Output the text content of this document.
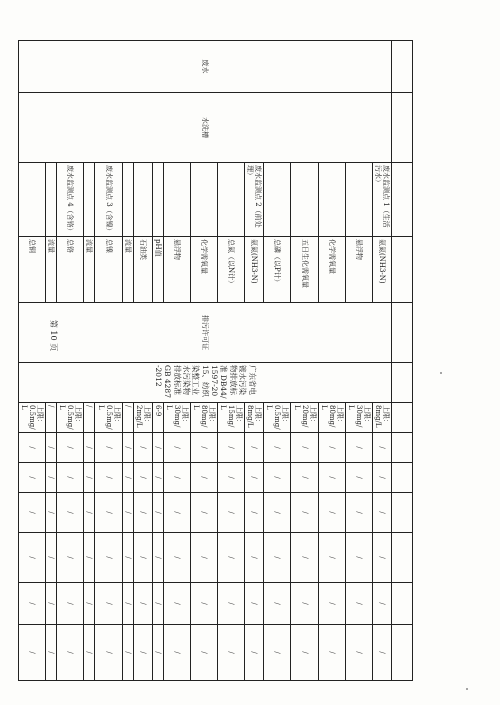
废水	水洗槽	废水监测点 1（生活污水）	氨氮(NH3-N)	排污许可证	广东省电镀水污染物排放标准 DB44/1597-2015、纺织染整工业水污染物排放标准 GB 4287-2012	上限：8mg/L	/	/	/	/	/	/
			悬浮物			上限：30mg/L	/	/	/	/	/	/
			化学需氧量			上限：80mg/L	/	/	/	/	/	/
			五日生化需氧量			上限：20mg/L	/	/	/	/	/	/
			总磷（以P计）			上限：0.5mg/L	/	/	/	/	/	/
		废水监测点 2（前处理）	氨氮(NH3-N)			上限：8mg/L	/	/	/	/	/	/
			总氮（以N计）			上限：15mg/L	/	/	/	/	/	/
			化学需氧量			上限：80mg/L	/	/	/	/	/	/
			悬浮物			上限：30mg/L	/	/	/	/	/	/
			pH值			6-9	/	/	/	/	/	/
			石油类			上限：2mg/L	/	/	/	/	/	/
			流量			/	/	/	/	/	/	/
		废水监测点 3（含镍）	总镍			上限：0.5mg/L	/	/	/	/	/	/
			流量			/	/	/	/	/	/	/
		废水监测点 4（含铬）	总铬			上限：0.5mg/L	/	/	/	/	/	/
			流量			/	/	/	/	/	/	/
			总铜			上限：0.5mg/L	/	/	/	/	/	/
第 10 页
